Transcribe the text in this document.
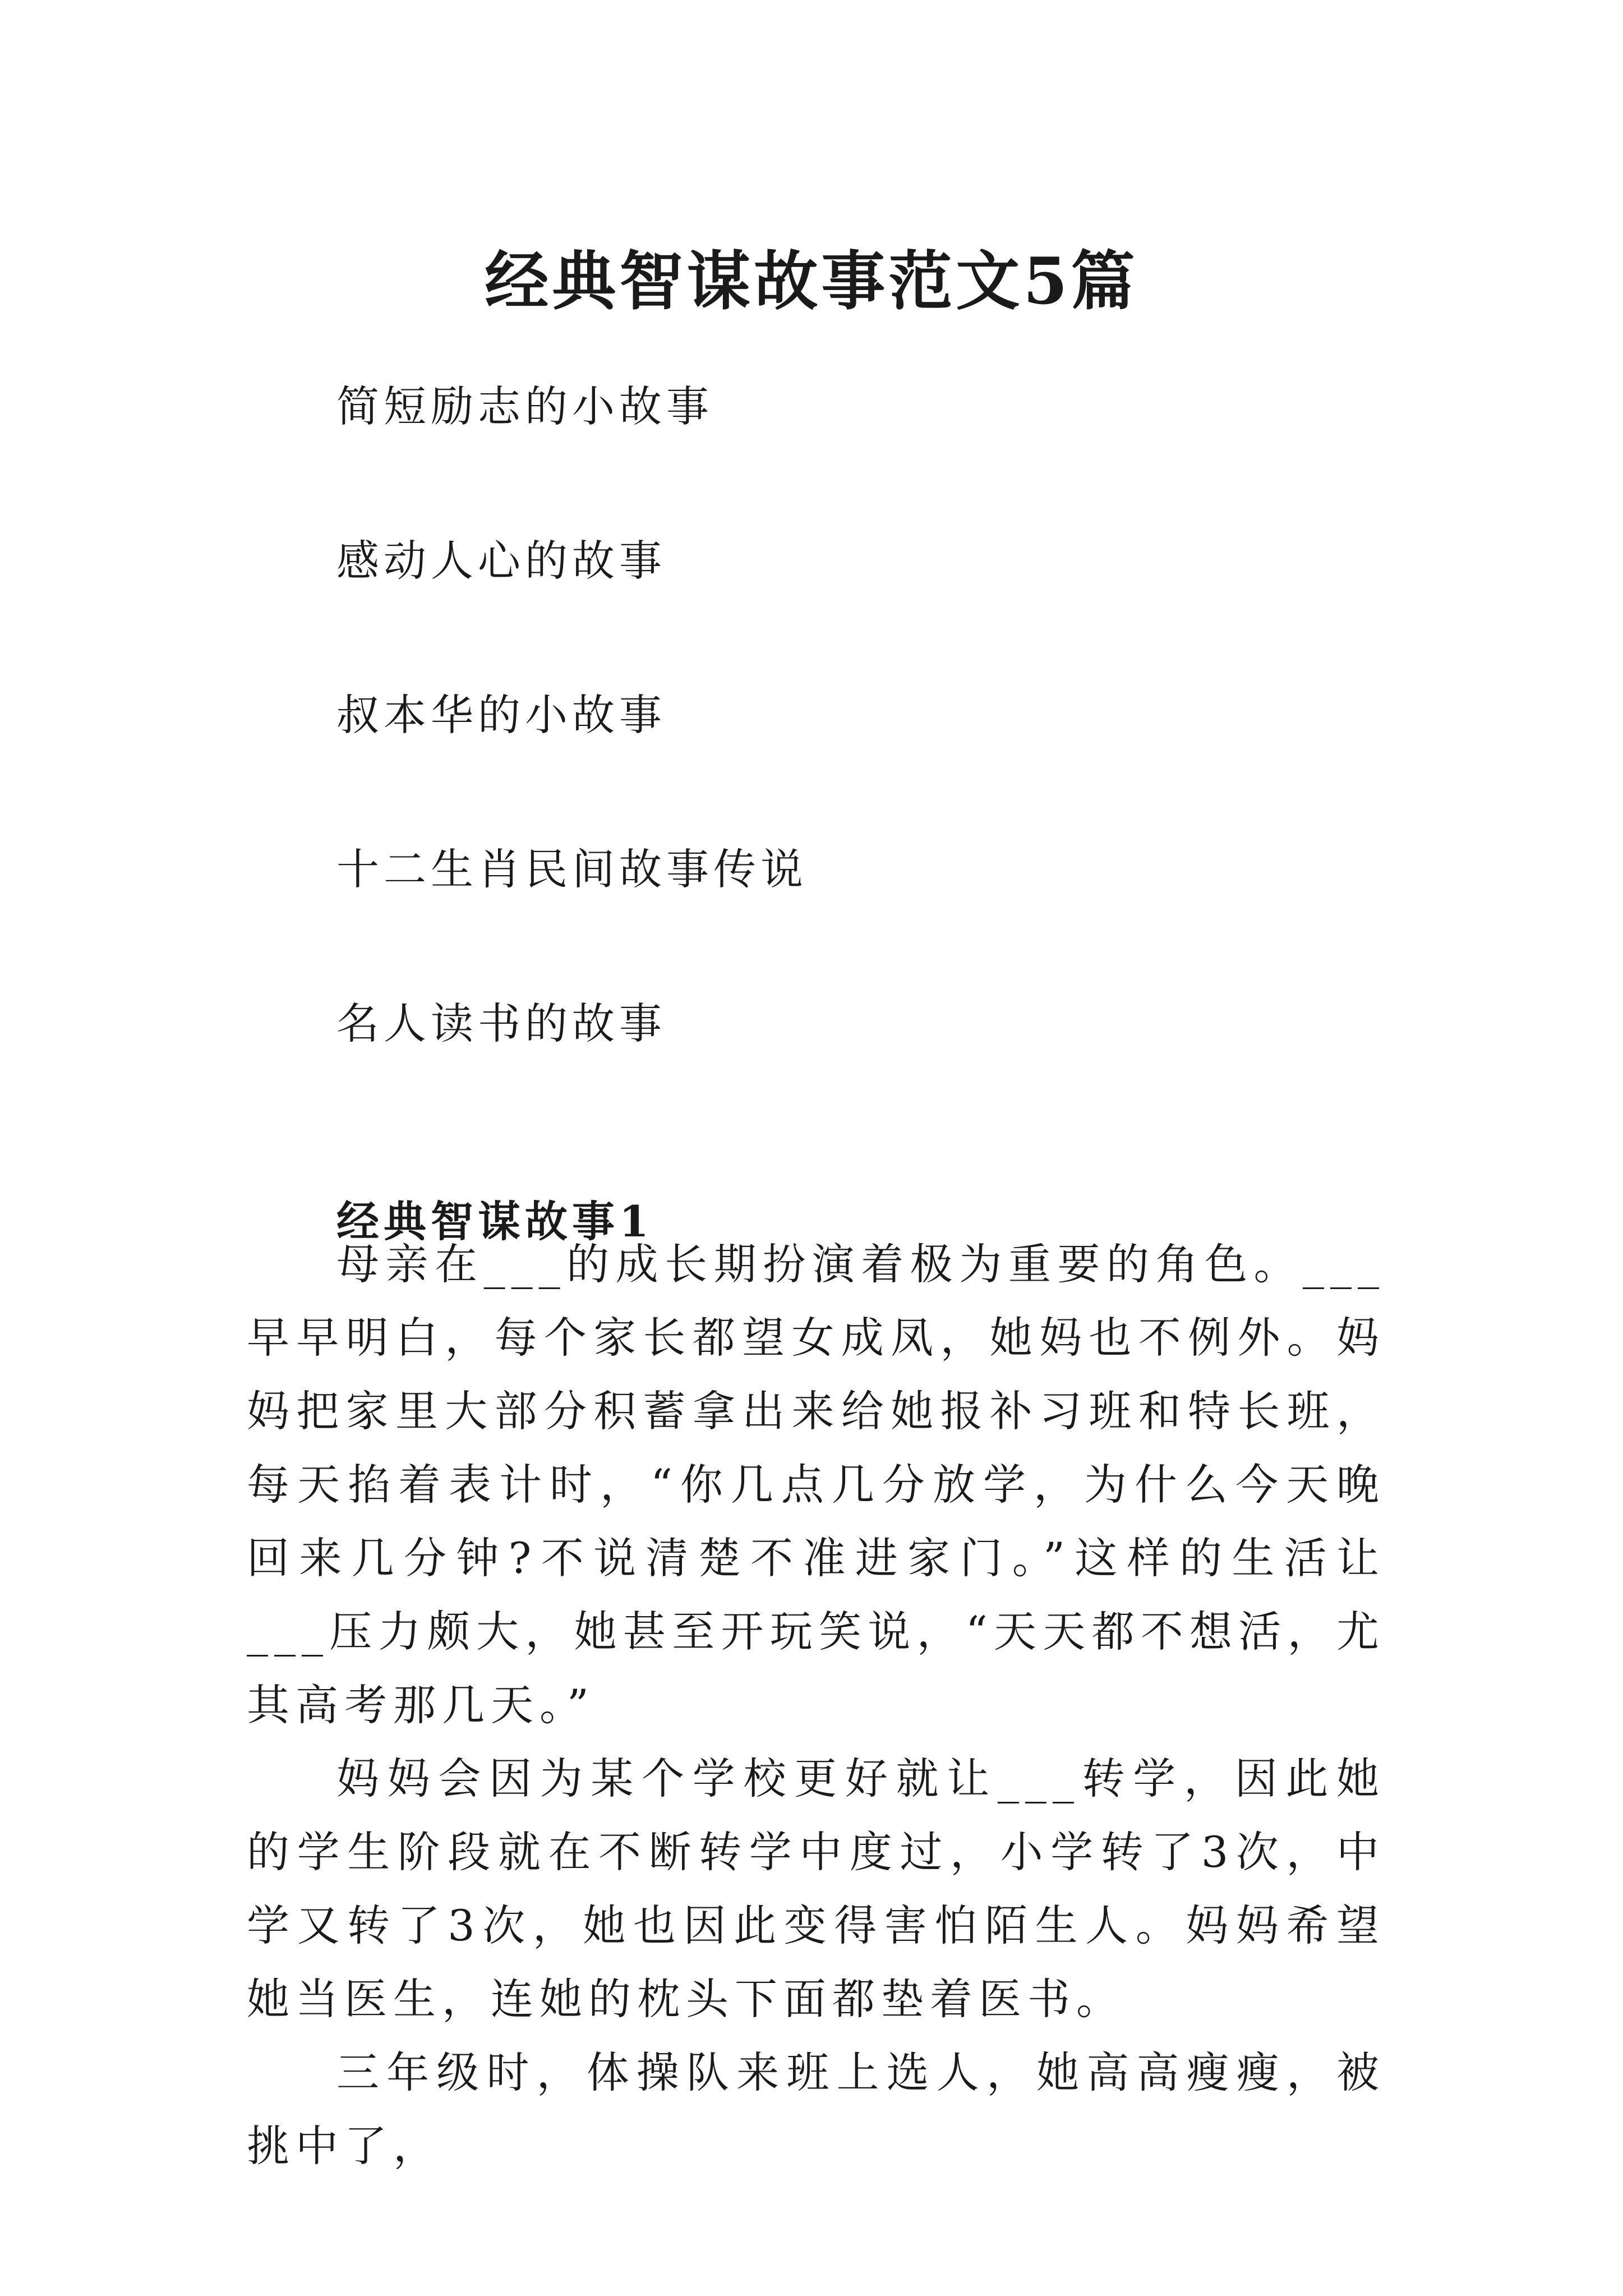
经典智谋故事范文5篇
简短励志的小故事
感动人心的故事
叔本华的小故事
十二生肖民间故事传说
名人读书的故事
经典智谋故事1

母亲在___的成长期扮演着极为重要的角色。___早早明白，每个家长都望女成凤，她妈也不例外。妈妈把家里大部分积蓄拿出来给她报补习班和特长班，每天掐着表计时，“你几点几分放学，为什么今天晚回来几分钟?不说清楚不准进家门。”这样的生活让___压力颇大，她甚至开玩笑说，“天天都不想活，尤其高考那几天。”

妈妈会因为某个学校更好就让___转学，因此她的学生阶段就在不断转学中度过，小学转了3次，中学又转了3次，她也因此变得害怕陌生人。妈妈希望她当医生，连她的枕头下面都垫着医书。

三年级时，体操队来班上选人，她高高瘦瘦，被挑中了，
